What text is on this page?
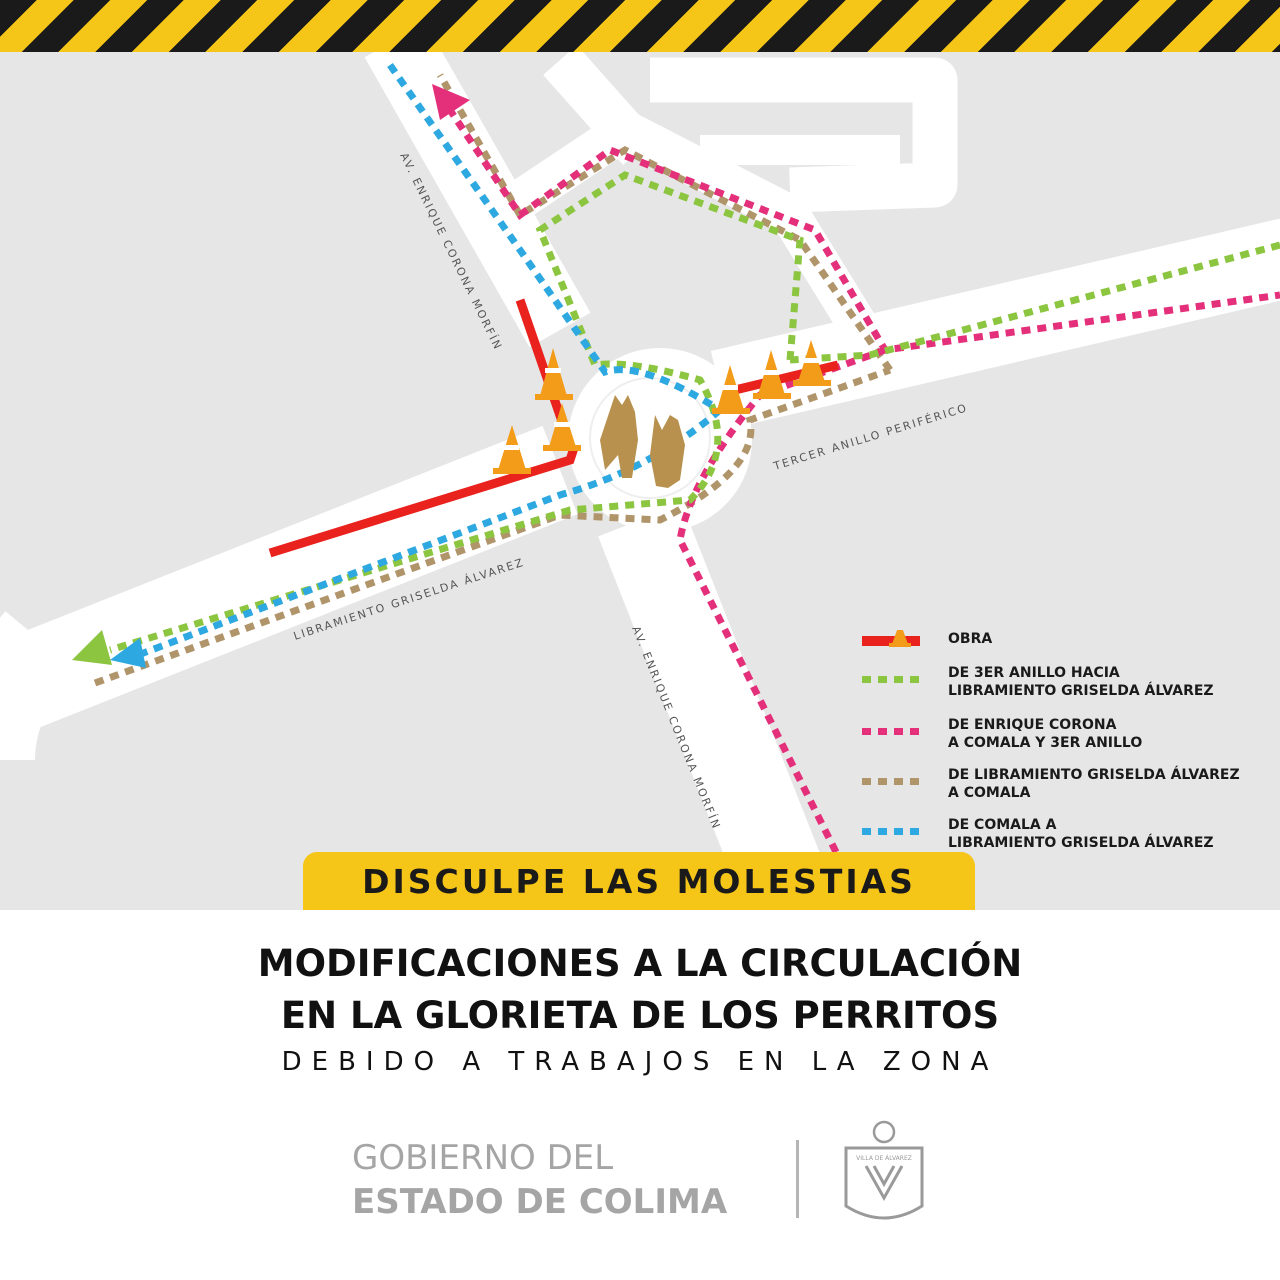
AV. ENRIQUE CORONA MORFÍN
AV. ENRIQUE CORONA MORFÍN
TERCER ANILLO PERIFÉRICO
LIBRAMIENTO GRISELDA ÁLVAREZ	OBRA
DE 3ER ANILLO HACIA
LIBRAMIENTO GRISELDA ÁLVAREZ
DE ENRIQUE CORONA
A COMALA Y 3ER ANILLO
DE LIBRAMIENTO GRISELDA ÁLVAREZ
A COMALA
DE COMALA A
LIBRAMIENTO GRISELDA ÁLVAREZ
DISCULPE LAS MOLESTIAS
MODIFICACIONES A LA CIRCULACIÓN
EN LA GLORIETA DE LOS PERRITOS
DEBIDO A TRABAJOS EN LA ZONA
GOBIERNO DEL
ESTADO DE COLIMA
VILLA DE ÁLVAREZ
